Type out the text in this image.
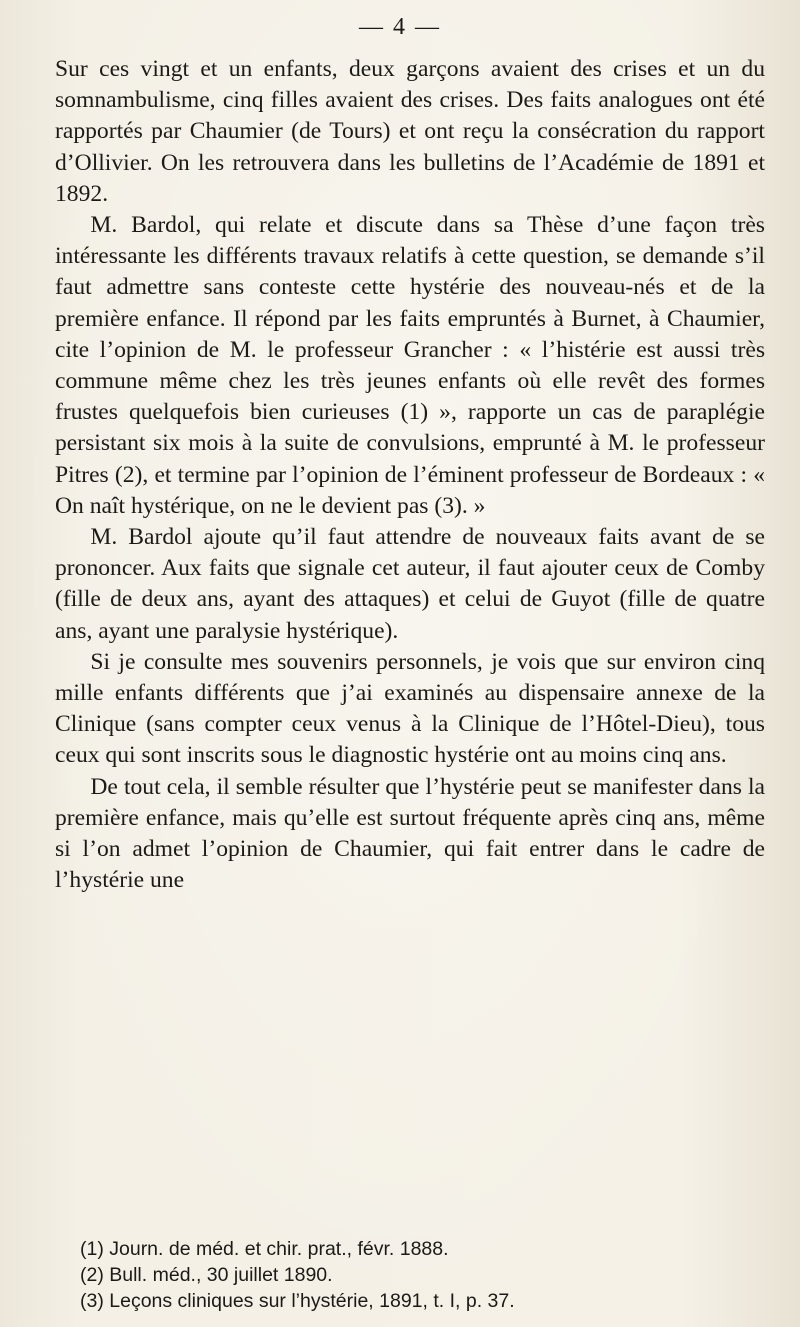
— 4 —

Sur ces vingt et un enfants, deux garçons avaient des crises et un du somnambulisme, cinq filles avaient des crises. Des faits analogues ont été rapportés par Chaumier (de Tours) et ont reçu la consécration du rapport d’Ollivier. On les retrouvera dans les bulletins de l’Académie de 1891 et 1892.

M. Bardol, qui relate et discute dans sa Thèse d’une façon très intéressante les différents travaux relatifs à cette question, se demande s’il faut admettre sans conteste cette hystérie des nouveau-nés et de la première enfance. Il répond par les faits empruntés à Burnet, à Chaumier, cite l’opinion de M. le professeur Grancher : « l’histérie est aussi très commune même chez les très jeunes enfants où elle revêt des formes frustes quelquefois bien curieuses (1) », rapporte un cas de paraplégie persistant six mois à la suite de convulsions, emprunté à M. le professeur Pitres (2), et termine par l’opinion de l’éminent professeur de Bordeaux : « On naît hystérique, on ne le devient pas (3). »

M. Bardol ajoute qu’il faut attendre de nouveaux faits avant de se prononcer. Aux faits que signale cet auteur, il faut ajouter ceux de Comby (fille de deux ans, ayant des attaques) et celui de Guyot (fille de quatre ans, ayant une paralysie hystérique).

Si je consulte mes souvenirs personnels, je vois que sur environ cinq mille enfants différents que j’ai examinés au dispensaire annexe de la Clinique (sans compter ceux venus à la Clinique de l’Hôtel-Dieu), tous ceux qui sont inscrits sous le diagnostic hystérie ont au moins cinq ans.

De tout cela, il semble résulter que l’hystérie peut se manifester dans la première enfance, mais qu’elle est surtout fréquente après cinq ans, même si l’on admet l’opinion de Chaumier, qui fait entrer dans le cadre de l’hystérie une

(1) Journ. de méd. et chir. prat., févr. 1888.
(2) Bull. méd., 30 juillet 1890.
(3) Leçons cliniques sur l’hystérie, 1891, t. I, p. 37.
